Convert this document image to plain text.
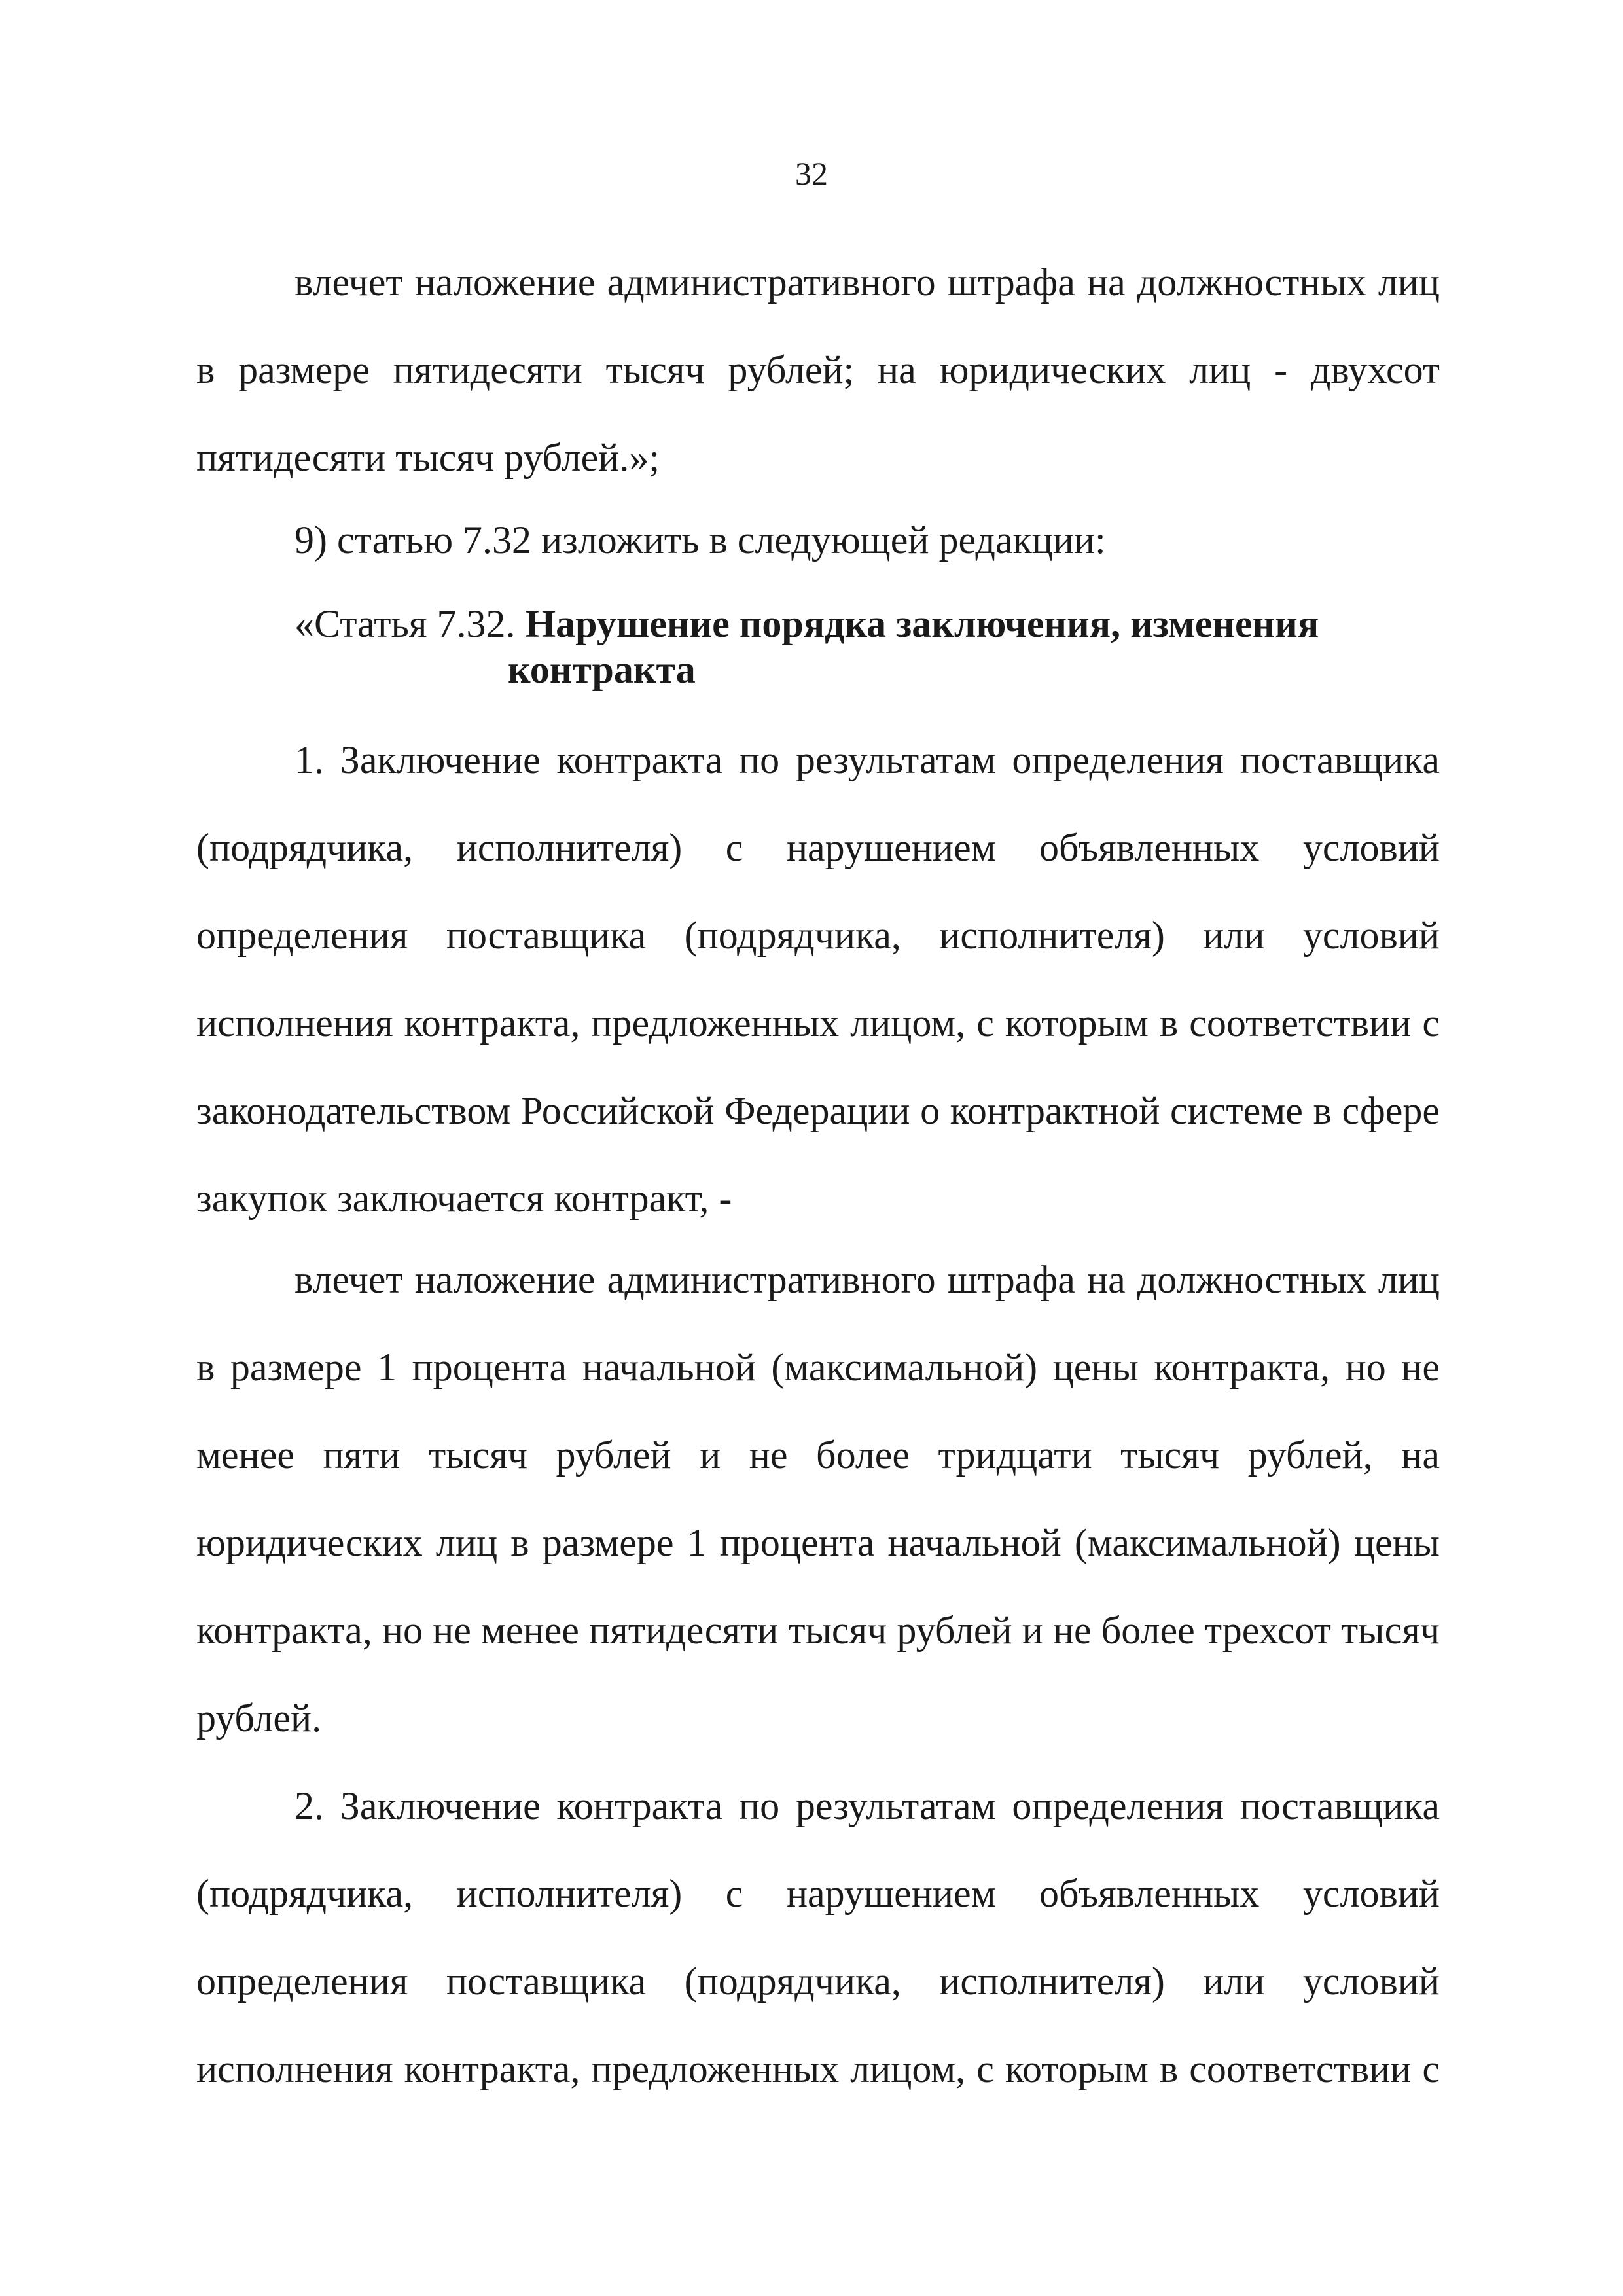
32

влечет наложение административного штрафа на должностных лиц в размере пятидесяти тысяч рублей; на юридических лиц - двухсот пятидесяти тысяч рублей.»;

9) статью 7.32 изложить в следующей редакции:

«Статья 7.32. Нарушение порядка заключения, изменения

контракта

1. Заключение контракта по результатам определения поставщика (подрядчика, исполнителя) с нарушением объявленных условий определения поставщика (подрядчика, исполнителя) или условий исполнения контракта, предложенных лицом, с которым в соответствии с законодательством Российской Федерации о контрактной системе в сфере закупок заключается контракт, -

влечет наложение административного штрафа на должностных лиц в размере 1 процента начальной (максимальной) цены контракта, но не менее пяти тысяч рублей и не более тридцати тысяч рублей, на юридических лиц в размере 1 процента начальной (максимальной) цены контракта, но не менее пятидесяти тысяч рублей и не более трехсот тысяч рублей.

2. Заключение контракта по результатам определения поставщика (подрядчика, исполнителя) с нарушением объявленных условий определения поставщика (подрядчика, исполнителя) или условий исполнения контракта, предложенных лицом, с которым в соответствии с
